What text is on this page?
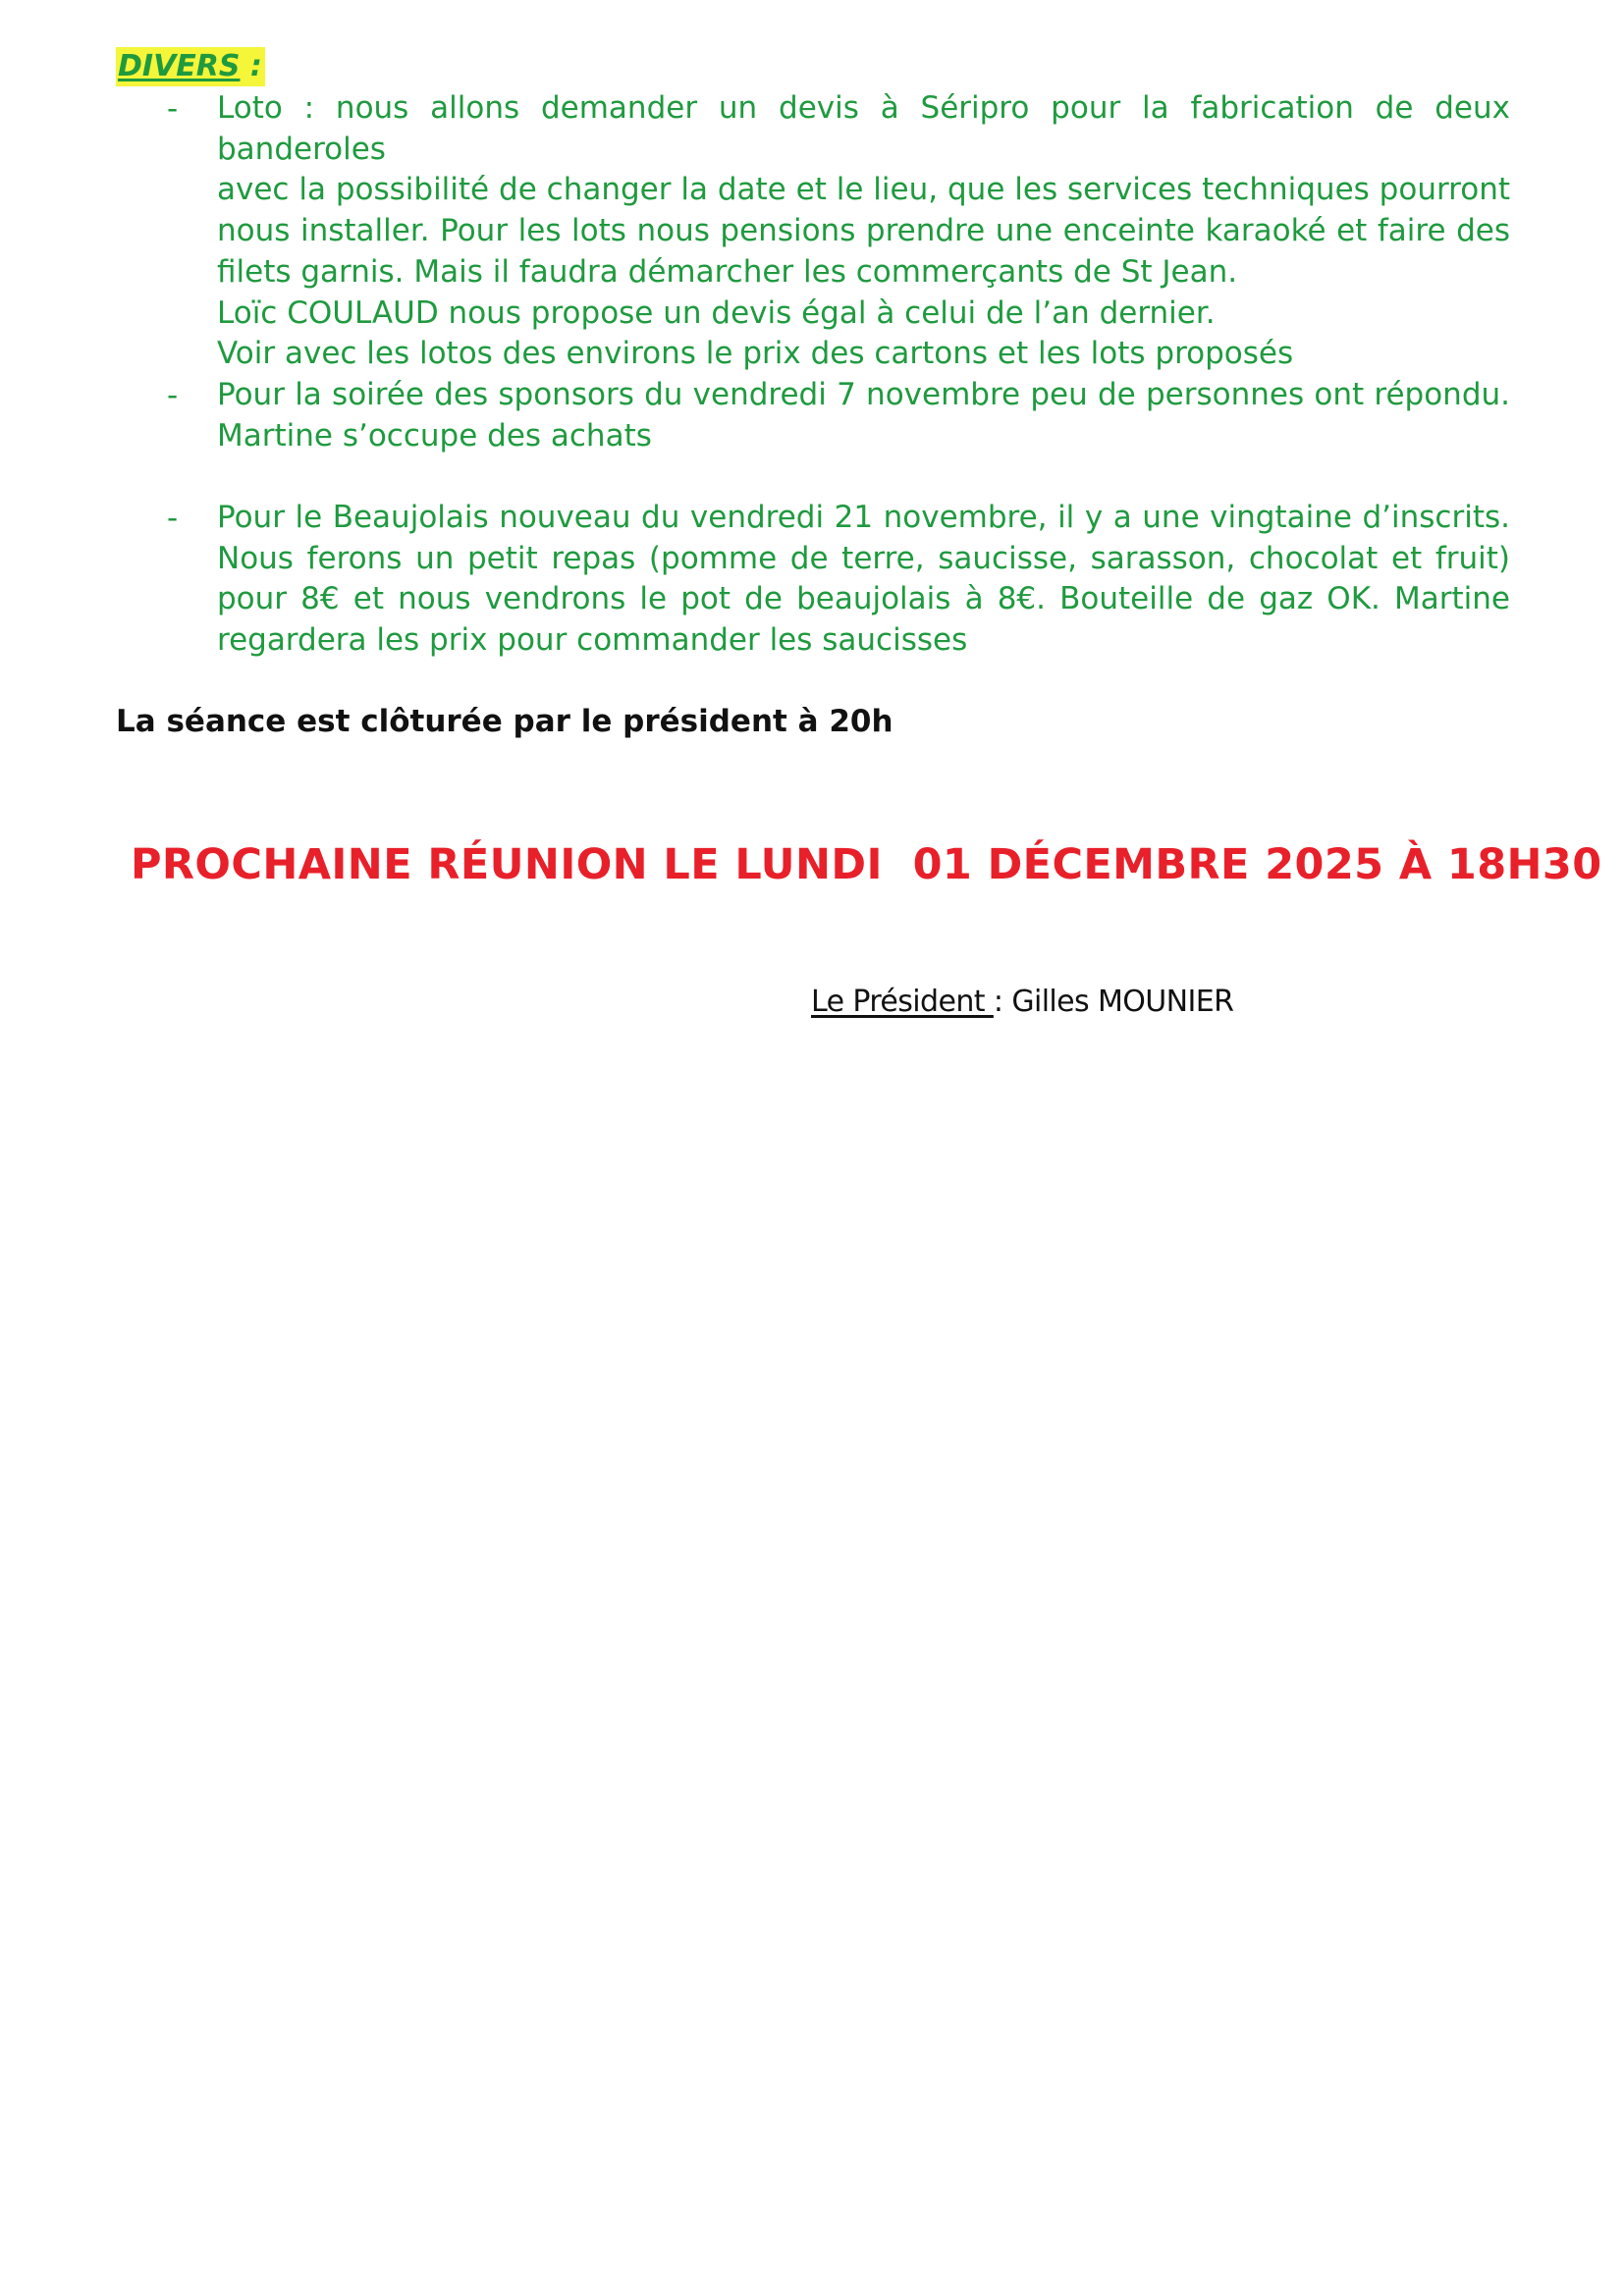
DIVERS :
- Loto : nous allons demander un devis à Séripro pour la fabrication de deux banderoles
avec la possibilité de changer la date et le lieu, que les services techniques pourront
nous installer. Pour les lots nous pensions prendre une enceinte karaoké et faire des
filets garnis. Mais il faudra démarcher les commerçants de St Jean.
Loïc COULAUD nous propose un devis égal à celui de l’an dernier.
Voir avec les lotos des environs le prix des cartons et les lots proposés
- Pour la soirée des sponsors du vendredi 7 novembre peu de personnes ont répondu.
Martine s’occupe des achats
- Pour le Beaujolais nouveau du vendredi 21 novembre, il y a une vingtaine d’inscrits.
Nous ferons un petit repas (pomme de terre, saucisse, sarasson, chocolat et fruit)
pour 8€ et nous vendrons le pot de beaujolais à 8€. Bouteille de gaz OK. Martine
regardera les prix pour commander les saucisses
La séance est clôturée par le président à 20h
PROCHAINE RÉUNION LE LUNDI  01 DÉCEMBRE 2025 À 18H30
Le Président : Gilles MOUNIER
